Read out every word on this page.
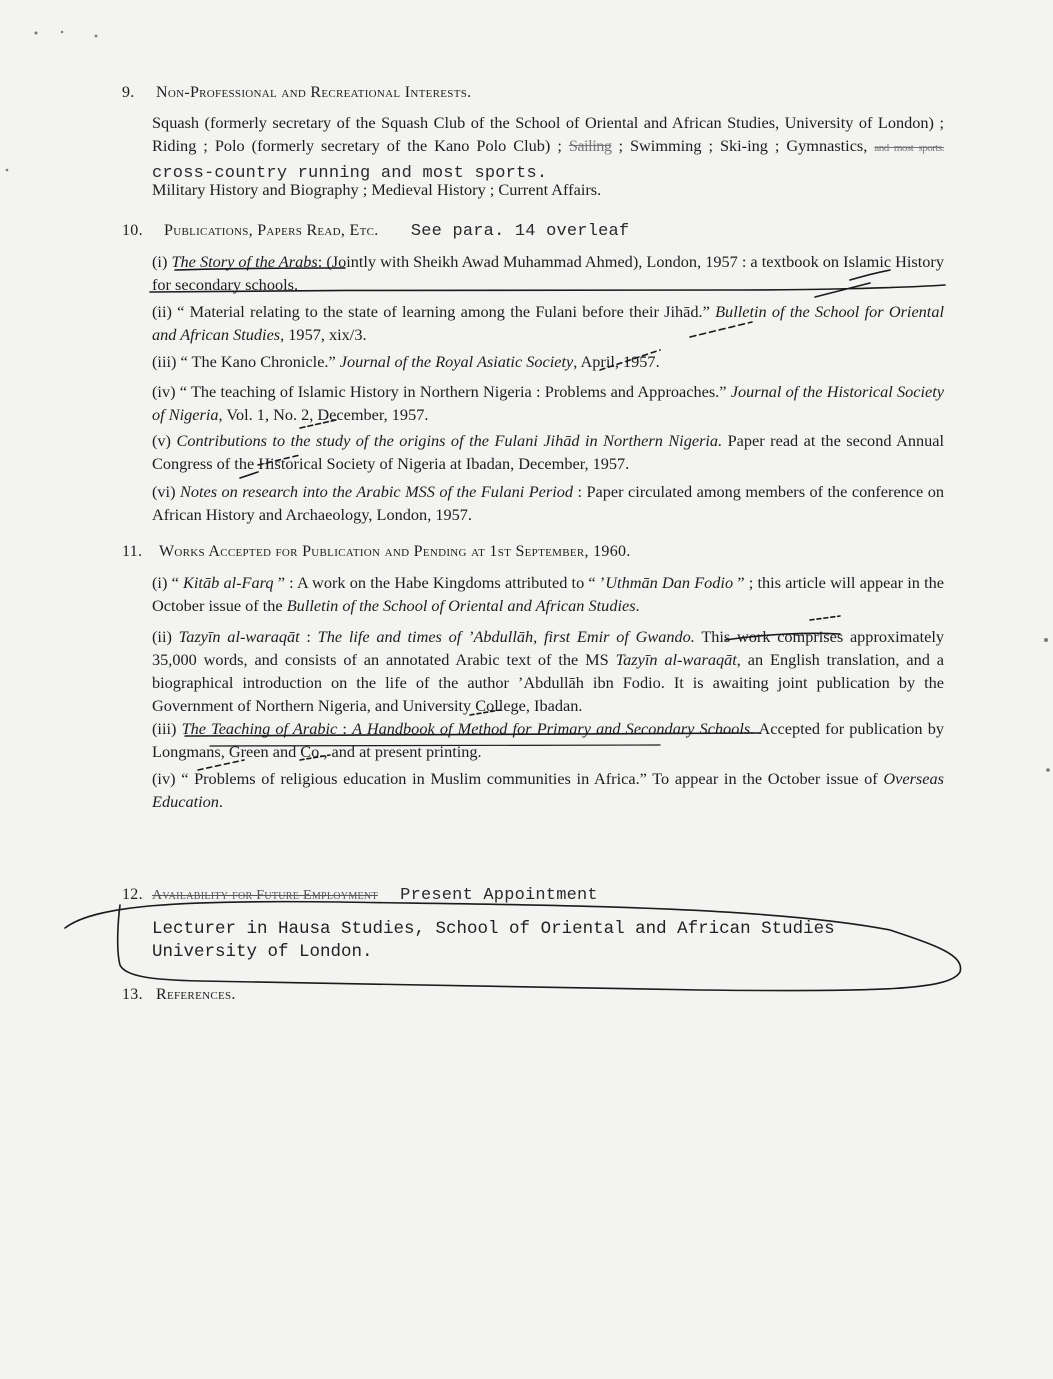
9. Non-Professional and Recreational Interests.
Squash (formerly secretary of the Squash Club of the School of Oriental and African Studies, University of London) ; Riding ; Polo (formerly secretary of the Kano Polo Club) ; Sailing ; Swimming ; Ski-ing ; Gymnastics, and most sports. cross-country running and most sports.
Military History and Biography ; Medieval History ; Current Affairs.
10. Publications, Papers Read, Etc. See para. 14 overleaf
(i) The Story of the Arabs: (Jointly with Sheikh Awad Muhammad Ahmed), London, 1957 : a textbook on Islamic History for secondary schools.
(ii) “ Material relating to the state of learning among the Fulani before their Jihād.” Bulletin of the School for Oriental and African Studies, 1957, xix/3.
(iii) “ The Kano Chronicle.” Journal of the Royal Asiatic Society, April, 1957.
(iv) “ The teaching of Islamic History in Northern Nigeria : Problems and Approaches.” Journal of the Historical Society of Nigeria, Vol. 1, No. 2, December, 1957.
(v) Contributions to the study of the origins of the Fulani Jihād in Northern Nigeria. Paper read at the second Annual Congress of the Historical Society of Nigeria at Ibadan, December, 1957.
(vi) Notes on research into the Arabic MSS of the Fulani Period : Paper circulated among members of the conference on African History and Archaeology, London, 1957.
11. Works Accepted for Publication and Pending at 1st September, 1960.
(i) “ Kitāb al-Farq ” : A work on the Habe Kingdoms attributed to “ ’Uthmān Dan Fodio ” ; this article will appear in the October issue of the Bulletin of the School of Oriental and African Studies.
(ii) Tazyīn al-waraqāt : The life and times of ’Abdullāh, first Emir of Gwando. This work comprises approximately 35,000 words, and consists of an annotated Arabic text of the MS Tazyīn al-waraqāt, an English translation, and a biographical introduction on the life of the author ’Abdullāh ibn Fodio. It is awaiting joint publication by the Government of Northern Nigeria, and University College, Ibadan.
(iii) The Teaching of Arabic : A Handbook of Method for Primary and Secondary Schools. Accepted for publication by Longmans, Green and Co., and at present printing.
(iv) “ Problems of religious education in Muslim communities in Africa.” To appear in the October issue of Overseas Education.
12. Availability for Future Employment Present Appointment
Lecturer in Hausa Studies, School of Oriental and African Studies
University of London.
13. References.
